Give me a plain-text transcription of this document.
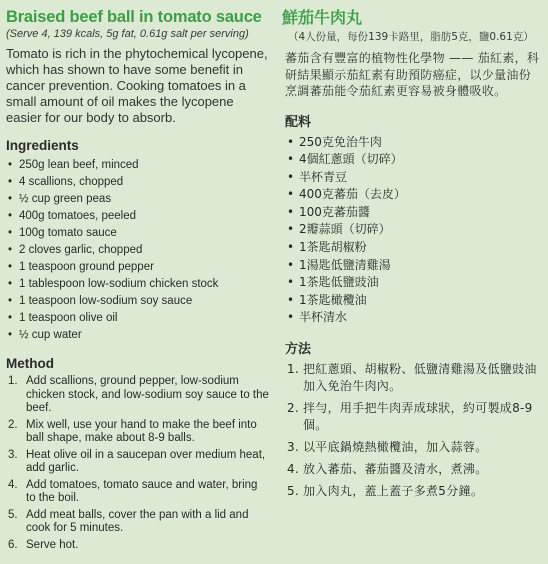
Braised beef ball in tomato sauce

(Serve 4, 139 kcals, 5g fat, 0.61g salt per serving)

Tomato is rich in the phytochemical lycopene, which has shown to have some benefit in cancer prevention. Cooking tomatoes in a small amount of oil makes the lycopene easier for our body to absorb.

Ingredients
• 250g lean beef, minced
• 4 scallions, chopped
• ½ cup green peas
• 400g tomatoes, peeled
• 100g tomato sauce
• 2 cloves garlic, chopped
• 1 teaspoon ground pepper
• 1 tablespoon low-sodium chicken stock
• 1 teaspoon low-sodium soy sauce
• 1 teaspoon olive oil
• ½ cup water
Method
1. Add scallions, ground pepper, low-sodium chicken stock, and low-sodium soy sauce to the beef.
2. Mix well, use your hand to make the beef into ball shape, make about 8-9 balls.
3. Heat olive oil in a saucepan over medium heat, add garlic.
4. Add tomatoes, tomato sauce and water, bring to the boil.
5. Add meat balls, cover the pan with a lid and cook for 5 minutes.
6. Serve hot.
鮮茄牛肉丸

（4人份量，每份139卡路里，脂肪5克，鹽0.61克）

蕃茄含有豐富的植物性化學物 —— 茄紅素，科研結果顯示茄紅素有助預防癌症，以少量油份烹調蕃茄能令茄紅素更容易被身體吸收。

配料
• 250克免治牛肉
• 4個紅蔥頭（切碎）
• 半杯青豆
• 400克蕃茄（去皮）
• 100克蕃茄醬
• 2瓣蒜頭（切碎）
• 1茶匙胡椒粉
• 1湯匙低鹽清雞湯
• 1茶匙低鹽豉油
• 1茶匙橄欖油
• 半杯清水
方法
1. 把紅蔥頭、胡椒粉、低鹽清雞湯及低鹽豉油加入免治牛肉內。
2. 拌勻，用手把牛肉弄成球狀，約可製成8-9個。
3. 以平底鍋燒熱橄欖油，加入蒜蓉。
4. 放入蕃茄、蕃茄醬及清水，煮沸。
5. 加入肉丸，蓋上蓋子多煮5分鐘。
